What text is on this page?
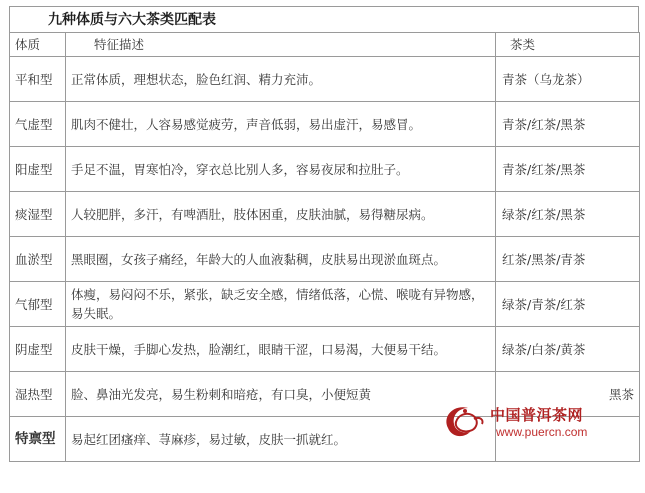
九种体质与六大茶类匹配表
体质	特征描述	茶类
平和型	正常体质，理想状态，脸色红润、精力充沛。	青茶（乌龙茶）
气虚型	肌肉不健壮，人容易感觉疲劳，声音低弱，易出虚汗，易感冒。	青茶/红茶/黑茶
阳虚型	手足不温，胃寒怕冷，穿衣总比别人多，容易夜尿和拉肚子。	青茶/红茶/黑茶
痰湿型	人较肥胖，多汗，有啤酒肚，肢体困重，皮肤油腻，易得糖尿病。	绿茶/红茶/黑茶
血淤型	黑眼圈，女孩子痛经，年龄大的人血液黏稠，皮肤易出现淤血斑点。	红茶/黑茶/青茶
气郁型	体瘦，易闷闷不乐，紧张，缺乏安全感，情绪低落，心慌、喉咙有异物感，易失眠。	绿茶/青茶/红茶
阴虚型	皮肤干燥，手脚心发热，脸潮红，眼睛干涩，口易渴，大便易干结。	绿茶/白茶/黄茶
湿热型	脸、鼻油光发亮，易生粉刺和暗疮，有口臭，小便短黄	黑茶
特禀型	易起红团瘙痒、荨麻疹，易过敏，皮肤一抓就红。	
中国普洱茶网
www.puercn.com
